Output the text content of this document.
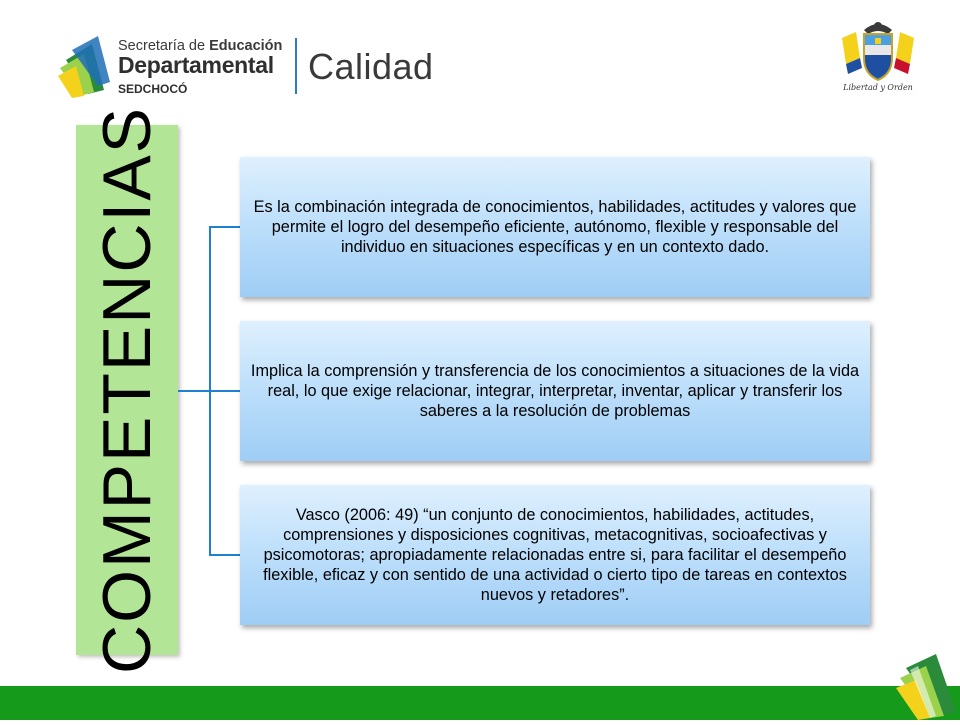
Secretaría de Educación
Departamental
SEDCHOCÓ
Calidad
Libertad y Orden
COMPETENCIAS	Es la combinación integrada de conocimientos, habilidades, actitudes y valores que permite el logro del desempeño eficiente, autónomo, flexible y responsable del individuo en situaciones específicas y en un contexto dado.
Implica la comprensión y transferencia de los conocimientos a situaciones de la vida real, lo que exige relacionar, integrar, interpretar, inventar, aplicar y transferir los saberes a la resolución de problemas
Vasco (2006: 49) “un conjunto de conocimientos, habilidades, actitudes, comprensiones y disposiciones cognitivas, metacognitivas, socioafectivas y psicomotoras; apropiadamente relacionadas entre si, para facilitar el desempeño flexible, eficaz y con sentido de una actividad o cierto tipo de tareas en contextos nuevos y retadores”.
